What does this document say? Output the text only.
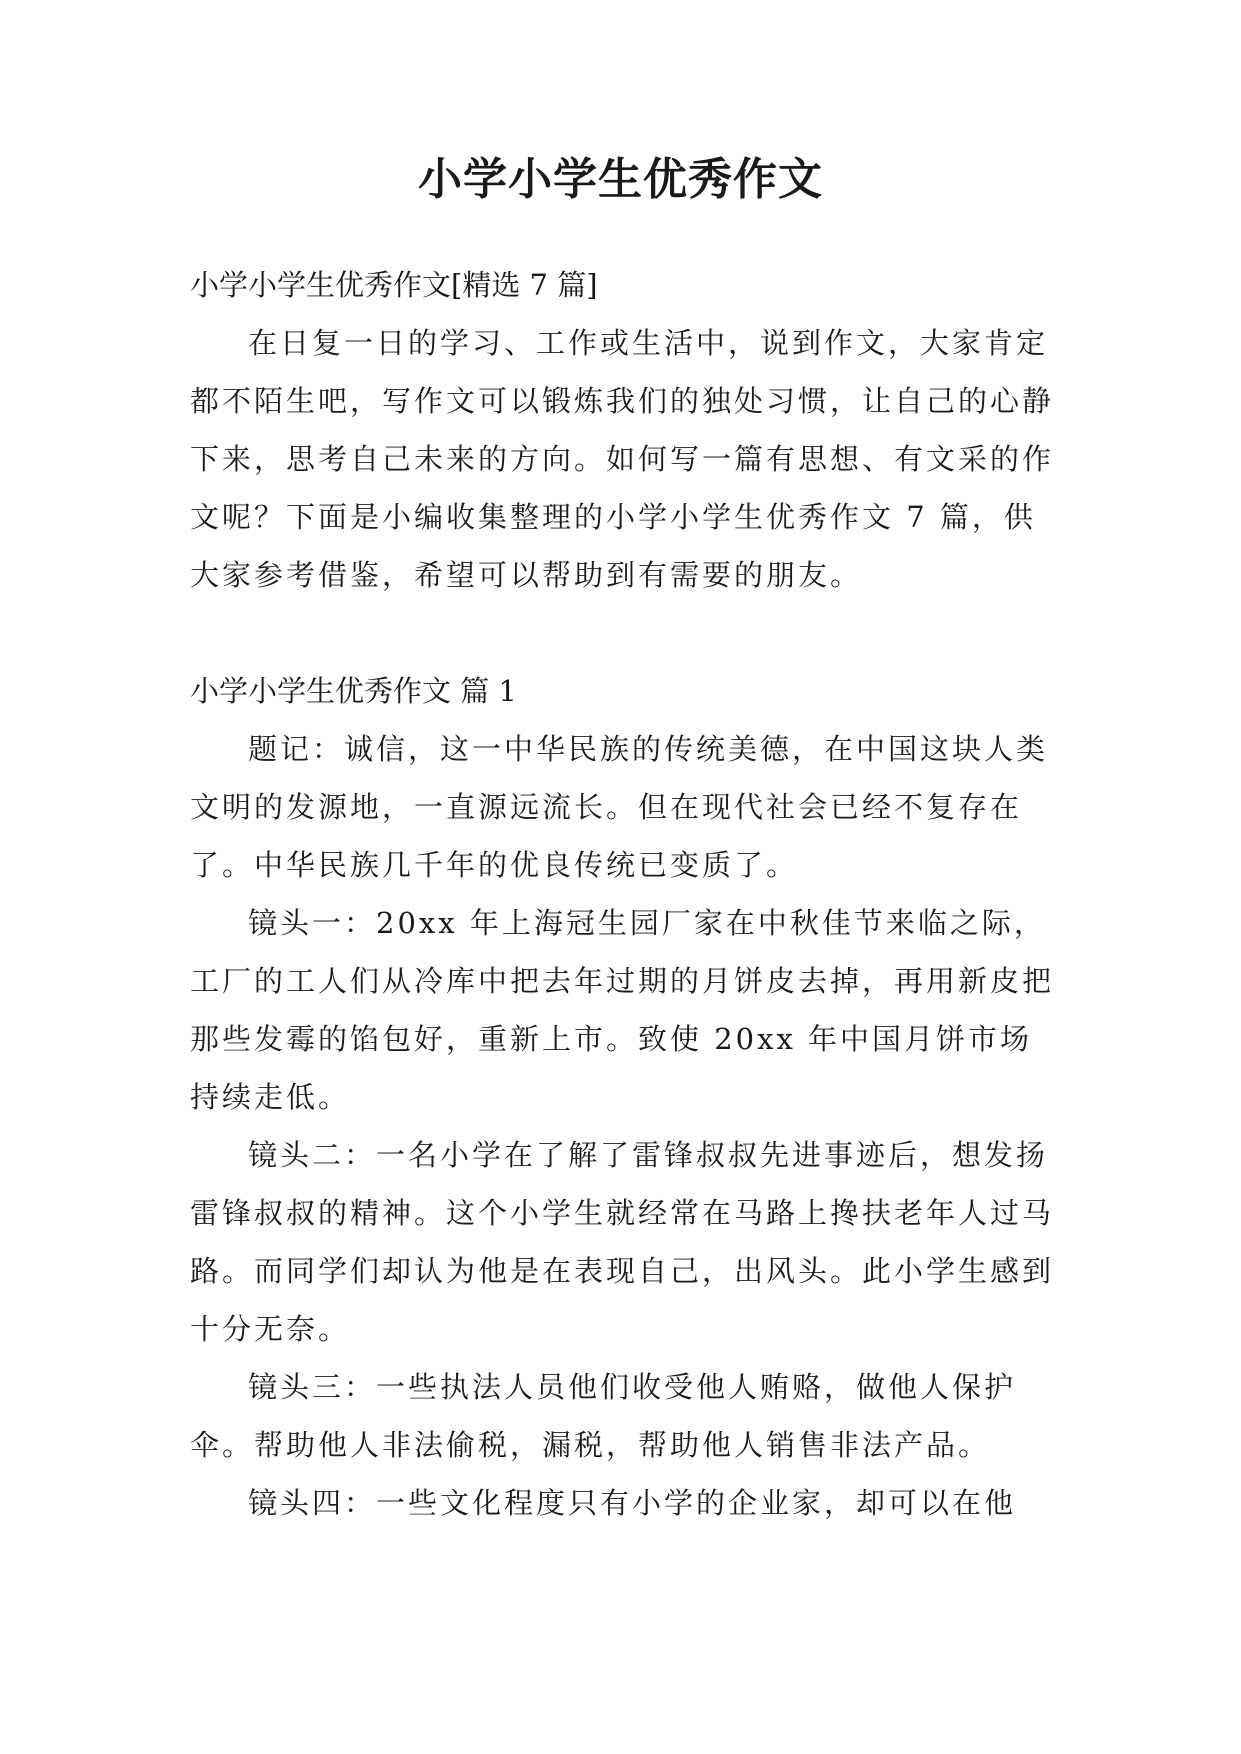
小学小学生优秀作文

小学小学生优秀作文[精选 7 篇]

在日复一日的学习、工作或生活中，说到作文，大家肯定都不陌生吧，写作文可以锻炼我们的独处习惯，让自己的心静下来，思考自己未来的方向。如何写一篇有思想、有文采的作文呢？下面是小编收集整理的小学小学生优秀作文 7 篇，供大家参考借鉴，希望可以帮助到有需要的朋友。

小学小学生优秀作文 篇 1

题记：诚信，这一中华民族的传统美德，在中国这块人类文明的发源地，一直源远流长。但在现代社会已经不复存在了。中华民族几千年的优良传统已变质了。

镜头一：20xx 年上海冠生园厂家在中秋佳节来临之际，工厂的工人们从冷库中把去年过期的月饼皮去掉，再用新皮把那些发霉的馅包好，重新上市。致使 20xx 年中国月饼市场持续走低。

镜头二：一名小学在了解了雷锋叔叔先进事迹后，想发扬雷锋叔叔的精神。这个小学生就经常在马路上搀扶老年人过马路。而同学们却认为他是在表现自己，出风头。此小学生感到十分无奈。

镜头三：一些执法人员他们收受他人贿赂，做他人保护伞。帮助他人非法偷税，漏税，帮助他人销售非法产品。

镜头四：一些文化程度只有小学的企业家，却可以在他
